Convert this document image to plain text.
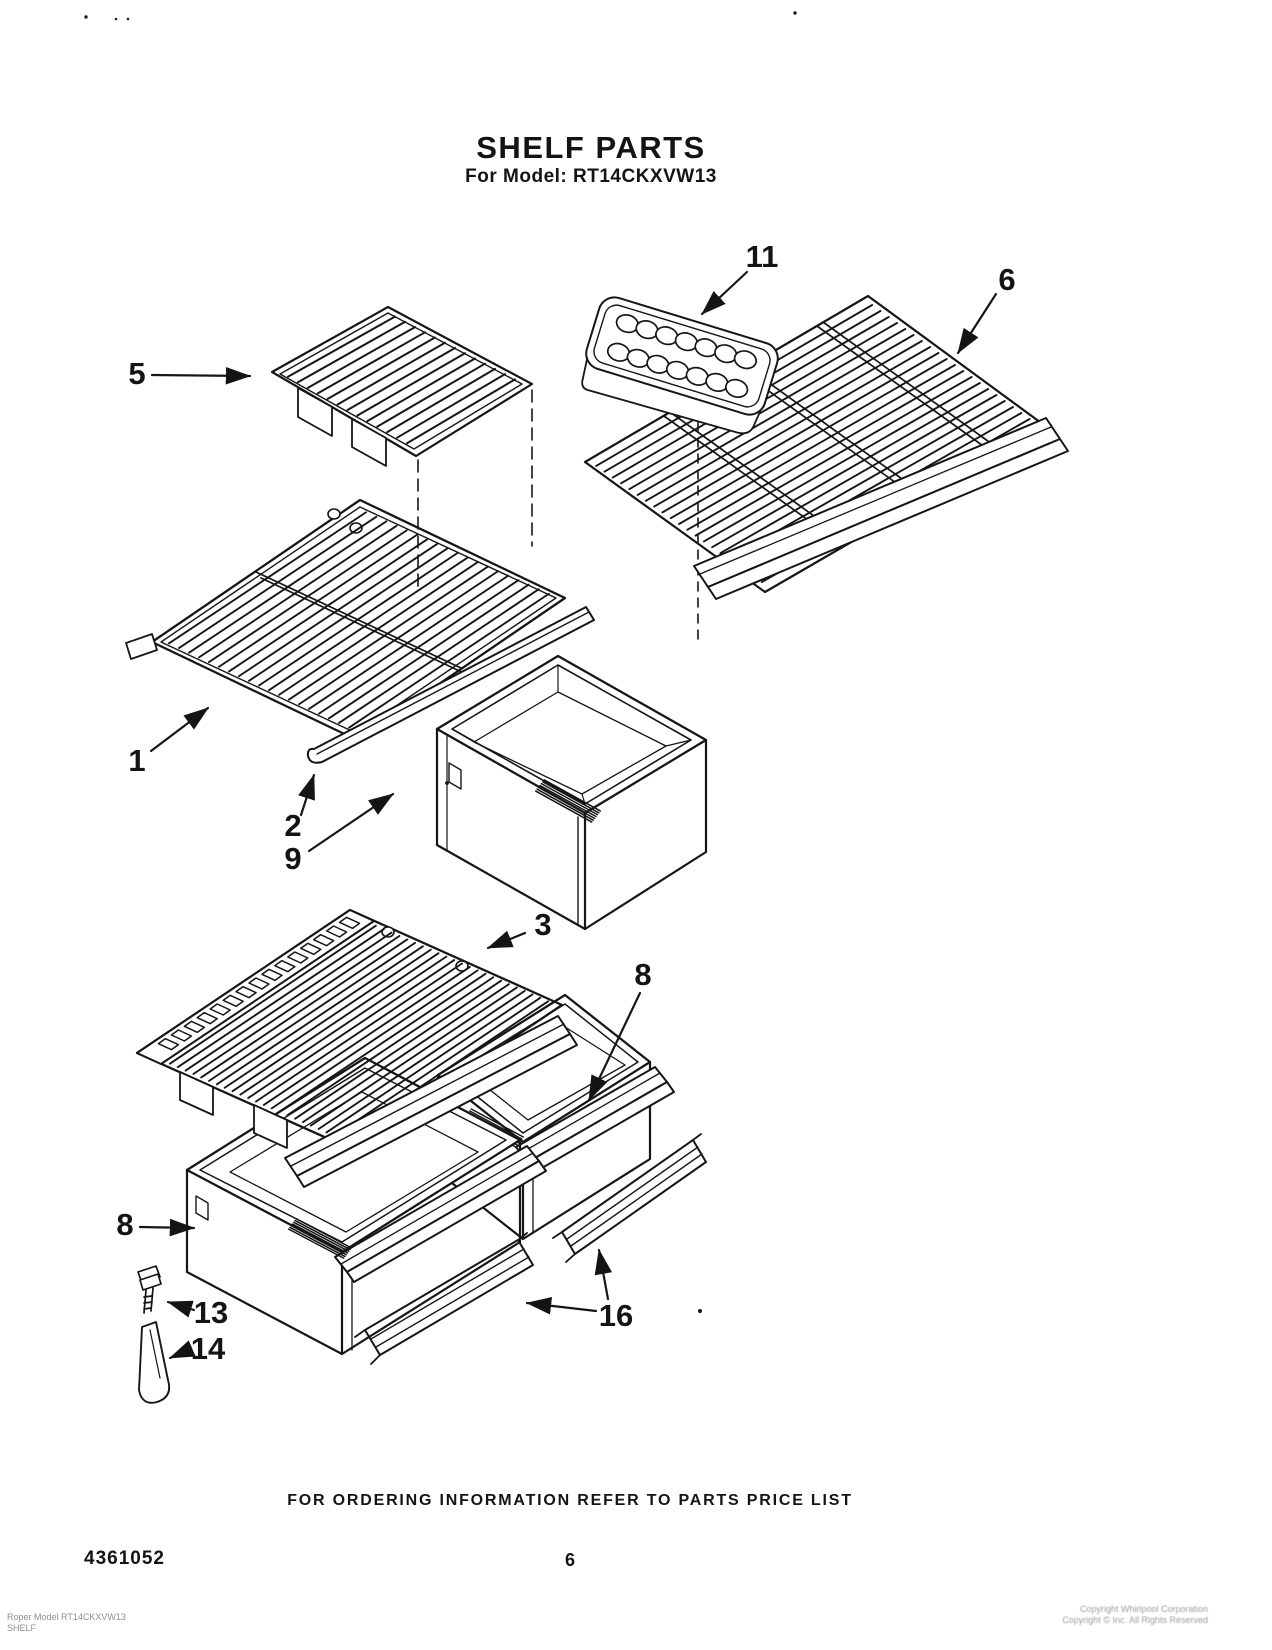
SHELF PARTS
For Model: RT14CKXVW13
5
11
6
1
2
9
3
8
8
13
14
16
FOR ORDERING INFORMATION REFER TO PARTS PRICE LIST
4361052	6
Roper Model RT14CKXVW13
SHELF
Copyright Whirlpool Corporation
Copyright © Inc. All Rights Reserved
